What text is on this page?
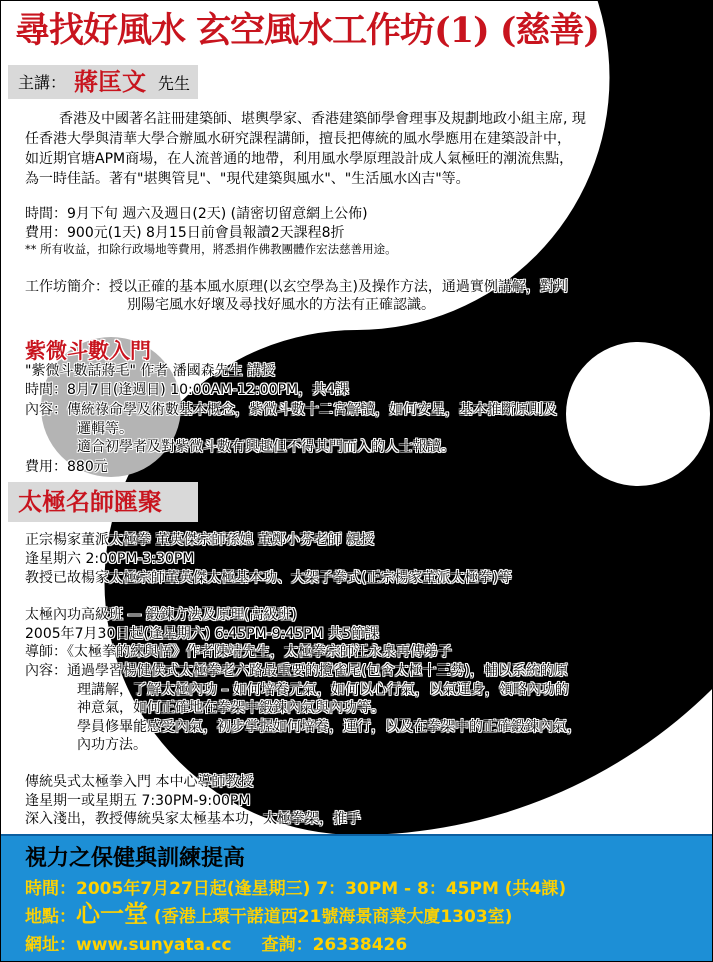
尋找好風水 玄空風水工作坊(1) (慈善)
主講： 蔣匡文 先生
香港及中國著名註冊建築師、堪輿學家、香港建築師學會理事及規劃地政小組主席, 現
任香港大學與清華大學合辦風水研究課程講師，擅長把傳統的風水學應用在建築設計中，
如近期官塘APM商場，在人流普通的地帶，利用風水學原理設計成人氣極旺的潮流焦點，
為一時佳話。著有"堪輿管見"、"現代建築與風水"、"生活風水凶吉"等。
時間：9月下旬 週六及週日(2天) (請密切留意網上公佈)
費用：900元(1天) 8月15日前會員報讀2天課程8折
** 所有收益，扣除行政場地等費用，將悉捐作佛教團體作宏法慈善用途。
工作坊簡介：授以正確的基本風水原理(以玄空學為主)及操作方法，通過實例講解，對判
別陽宅風水好壞及尋找好風水的方法有正確認識。
紫微斗數入門
"紫微斗數話蔣毛" 作者 潘國森先生 講授
時間：8月7日(逢週日) 10:00AM-12:00PM，共4課
內容：傳統祿命學及術數基本概念，紫微斗數十二宮解讀，如何安星，基本推斷原則及
邏輯等。
適合初學者及對紫微斗數有興趣但不得其門而入的人士報讀。
費用：880元
太極名師匯聚
正宗楊家董派太極拳 董英傑宗師孫媳 董鄭小芬老師 親授
逢星期六 2:00PM-3:30PM
教授已故楊家太極宗師董英傑太極基本功、大架子拳式(正宗楊家董派太極拳)等
太極內功高級班 — 鍛鍊方法及原理(高級班)
2005年7月30日起(逢星期六) 6:45PM-9:45PM 共5節課
導師：《太極拳的練與悟》作者陳靖先生，太極拳宗師汪永泉再傳弟子
內容：通過學習楊健侯式太極拳老六路最重要的攬雀尾(包含太極十三勢)，輔以系統的原
理講解，了解太極內功 – 如何培養元氣，如何以心行氣，以氣運身，領略內功的
神意氣，如何正確地在拳架中鍛鍊內氣與內功等。
學員修畢能感受內氣，初步掌握如何培養，運行，以及在拳架中的正確鍛鍊內氣，
內功方法。
傳統吳式太極拳入門 本中心導師教授
逢星期一或星期五 7:30PM-9:00PM
深入淺出，教授傳統吳家太極基本功，太極拳架，推手
視力之保健與訓練提高
時間：2005年7月27日起(逢星期三) 7：30PM - 8：45PM (共4課)
地點：心一堂 (香港上環干諾道西21號海景商業大廈1303室)
網址：www.sunyata.cc 查詢：26338426
